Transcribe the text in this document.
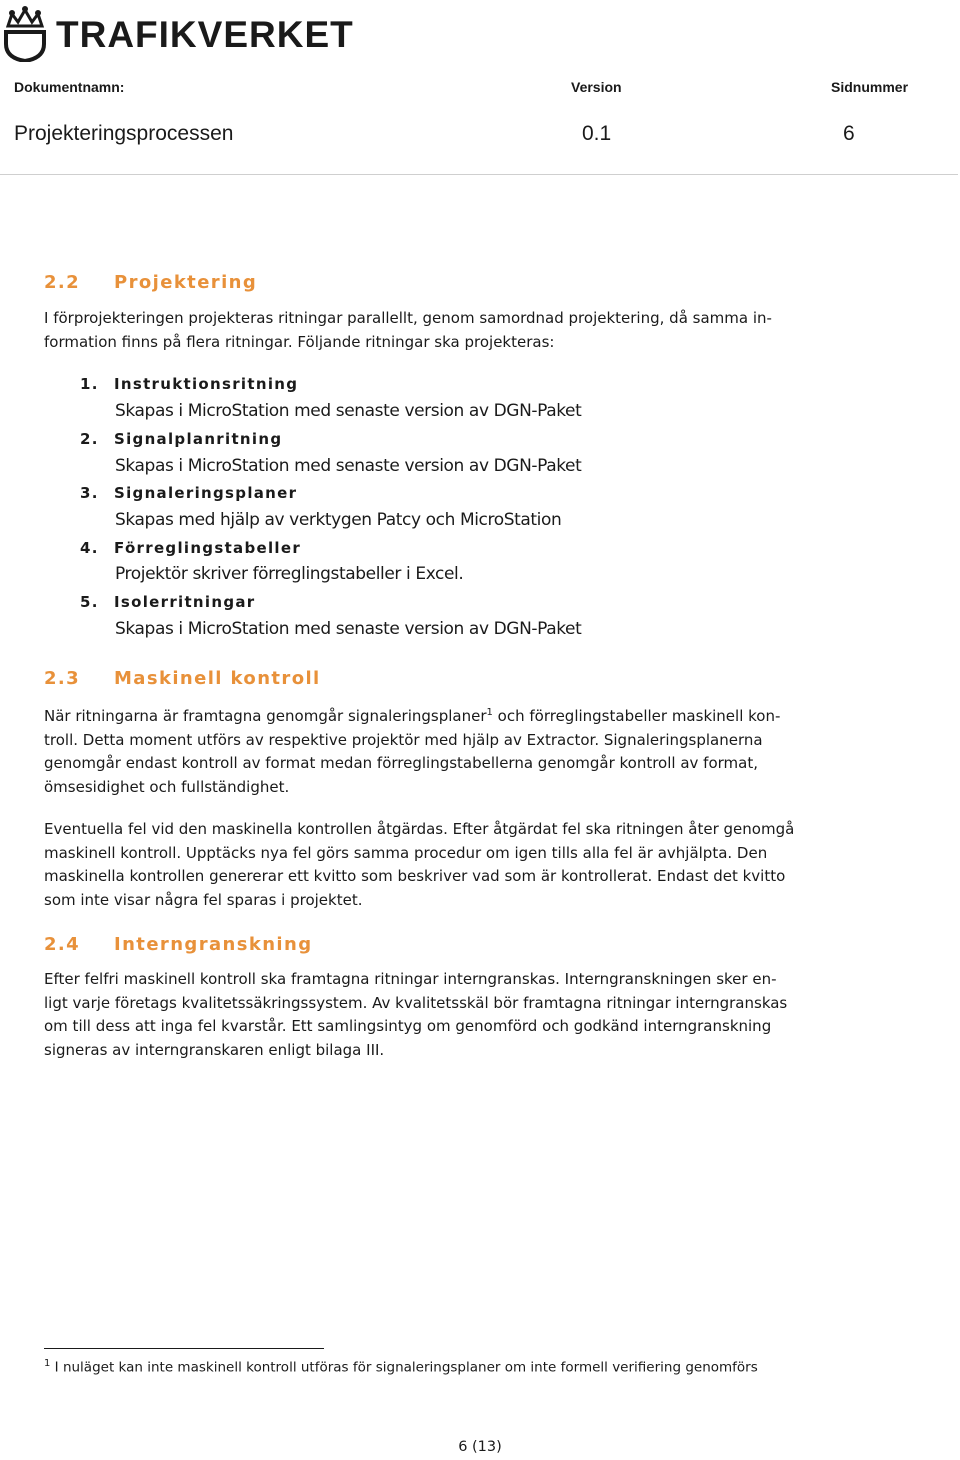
TRAFIKVERKET
Dokumentnamn:	Version	Sidnummer
Projekteringsprocessen	0.1	6
2.2 Projektering

I förprojekteringen projekteras ritningar parallellt, genom samordnad projektering, då samma in-

formation finns på flera ritningar. Följande ritningar ska projekteras:

1. Instruktionsritning
Skapas i MicroStation med senaste version av DGN-Paket
2. Signalplanritning
Skapas i MicroStation med senaste version av DGN-Paket
3. Signaleringsplaner
Skapas med hjälp av verktygen Patcy och MicroStation
4. Förreglingstabeller
Projektör skriver förreglingstabeller i Excel.
5. Isolerritningar
Skapas i MicroStation med senaste version av DGN-Paket
2.3 Maskinell kontroll

När ritningarna är framtagna genomgår signaleringsplaner$^1$ och förreglingstabeller maskinell kon-

troll. Detta moment utförs av respektive projektör med hjälp av Extractor. Signaleringsplanerna

genomgår endast kontroll av format medan förreglingstabellerna genomgår kontroll av format,

ömsesidighet och fullständighet.

Eventuella fel vid den maskinella kontrollen åtgärdas. Efter åtgärdat fel ska ritningen åter genomgå

maskinell kontroll. Upptäcks nya fel görs samma procedur om igen tills alla fel är avhjälpta. Den

maskinella kontrollen genererar ett kvitto som beskriver vad som är kontrollerat. Endast det kvitto

som inte visar några fel sparas i projektet.

2.4 Interngranskning

Efter felfri maskinell kontroll ska framtagna ritningar interngranskas. Interngranskningen sker en-

ligt varje företags kvalitetssäkringssystem. Av kvalitetsskäl bör framtagna ritningar interngranskas

om till dess att inga fel kvarstår. Ett samlingsintyg om genomförd och godkänd interngranskning

signeras av interngranskaren enligt bilaga III.

$^1$ I nuläget kan inte maskinell kontroll utföras för signaleringsplaner om inte formell verifiering genomförs
6 (13)
